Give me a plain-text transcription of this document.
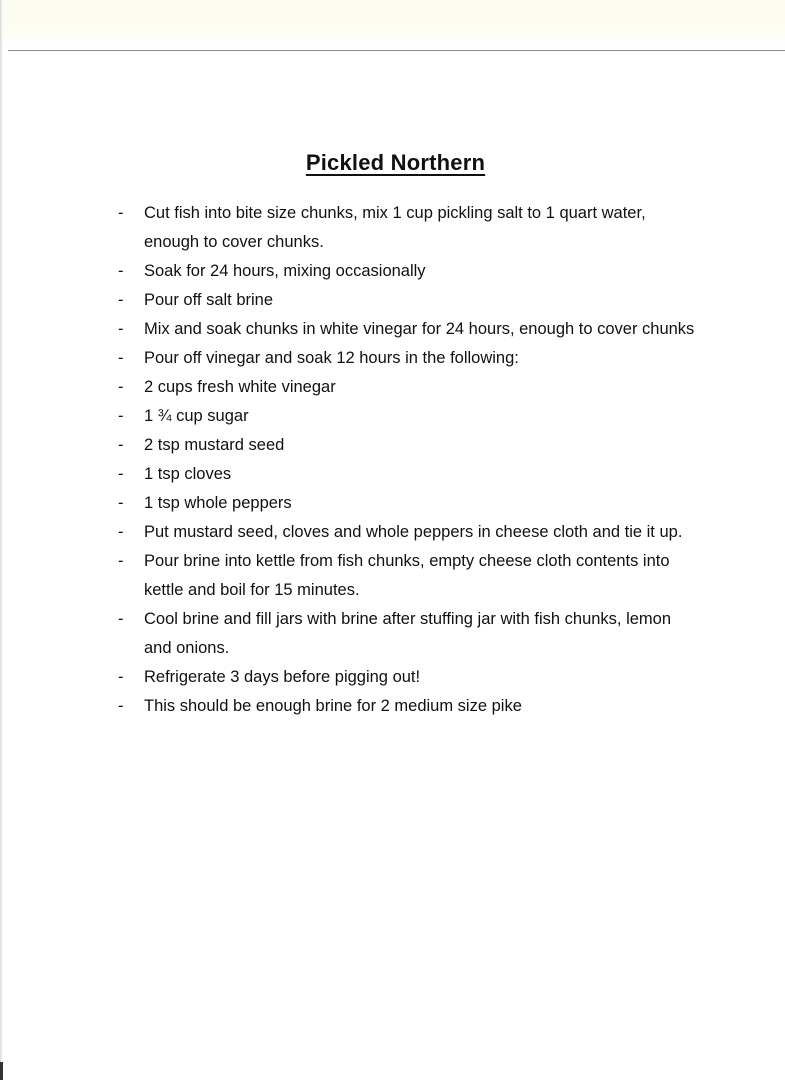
Pickled Northern
- Cut fish into bite size chunks, mix 1 cup pickling salt to 1 quart water, enough to cover chunks.
- Soak for 24 hours, mixing occasionally
- Pour off salt brine
- Mix and soak chunks in white vinegar for 24 hours, enough to cover chunks
- Pour off vinegar and soak 12 hours in the following:
- 2 cups fresh white vinegar
- 1 ¾ cup sugar
- 2 tsp mustard seed
- 1 tsp cloves
- 1 tsp whole peppers
- Put mustard seed, cloves and whole peppers in cheese cloth and tie it up.
- Pour brine into kettle from fish chunks, empty cheese cloth contents into kettle and boil for 15 minutes.
- Cool brine and fill jars with brine after stuffing jar with fish chunks, lemon and onions.
- Refrigerate 3 days before pigging out!
- This should be enough brine for 2 medium size pike
